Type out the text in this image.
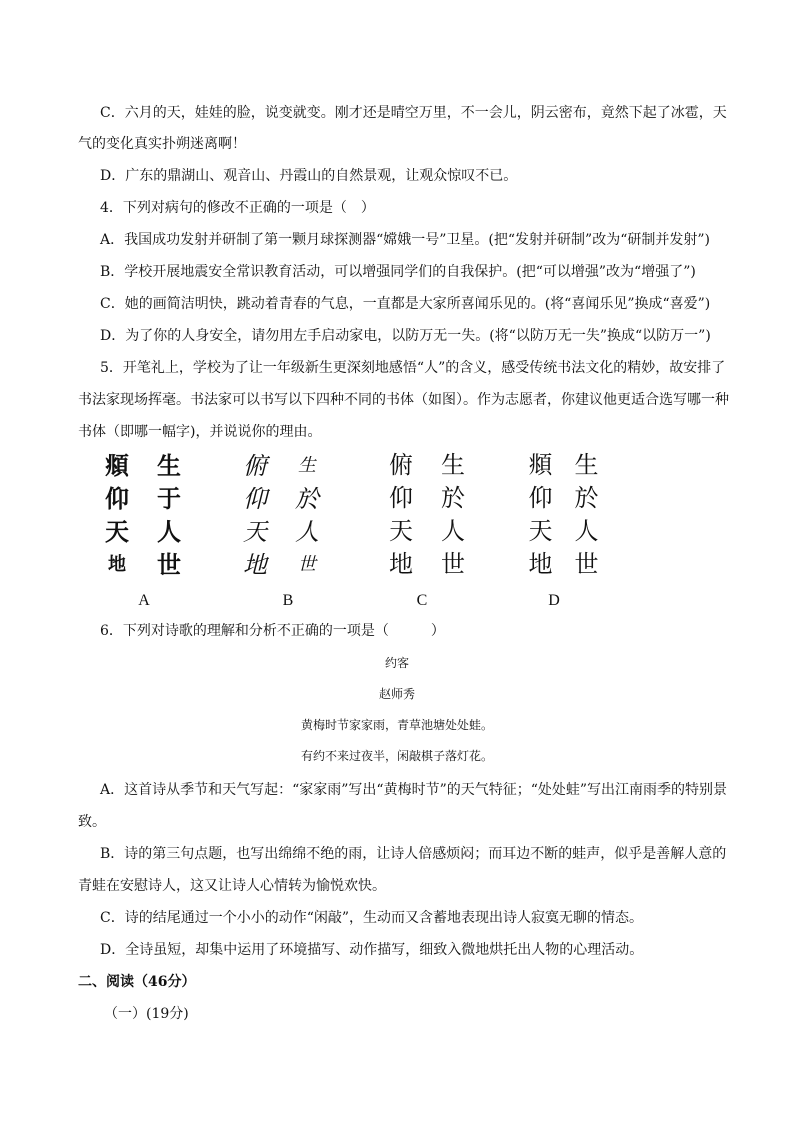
C．六月的天，娃娃的脸，说变就变。刚才还是晴空万里，不一会儿，阴云密布，竟然下起了冰雹，天
气的变化真实扑朔迷离啊！
D．广东的鼎湖山、观音山、丹霞山的自然景观，让观众惊叹不已。
4．下列对病句的修改不正确的一项是（　）
A．我国成功发射并研制了第一颗月球探测器“嫦娥一号”卫星。(把“发射并研制”改为“研制并发射”)
B．学校开展地震安全常识教育活动，可以增强同学们的自我保护。(把“可以增强”改为“增强了”)
C．她的画简洁明快，跳动着青春的气息，一直都是大家所喜闻乐见的。(将“喜闻乐见”换成“喜爱”)
D．为了你的人身安全，请勿用左手启动家电，以防万无一失。(将“以防万无一失”换成“以防万一”)
5．开笔礼上，学校为了让一年级新生更深刻地感悟“人”的含义，感受传统书法文化的精妙，故安排了
书法家现场挥毫。书法家可以书写以下四种不同的书体（如图）。作为志愿者，你建议他更适合选写哪一种
书体（即哪一幅字)，并说说你的理由。
頫	生
仰	于
天	人
地	世
A
俯	生
仰	於
天	人
地	世
B
俯	生
仰	於
天	人
地	世
C
頫 生
仰 於
天 人
地 世
D
6．下列对诗歌的理解和分析不正确的一项是（　　　）
约客
赵师秀
黄梅时节家家雨，青草池塘处处蛙。
有约不来过夜半，闲敲棋子落灯花。
A．这首诗从季节和天气写起：“家家雨”写出“黄梅时节”的天气特征；“处处蛙”写出江南雨季的特别景
致。
B．诗的第三句点题，也写出绵绵不绝的雨，让诗人倍感烦闷；而耳边不断的蛙声，似乎是善解人意的
青蛙在安慰诗人，这又让诗人心情转为愉悦欢快。
C．诗的结尾通过一个小小的动作“闲敲”，生动而又含蓄地表现出诗人寂寞无聊的情态。
D．全诗虽短，却集中运用了环境描写、动作描写，细致入微地烘托出人物的心理活动。
二、阅读（46分）
（一）(19分)
